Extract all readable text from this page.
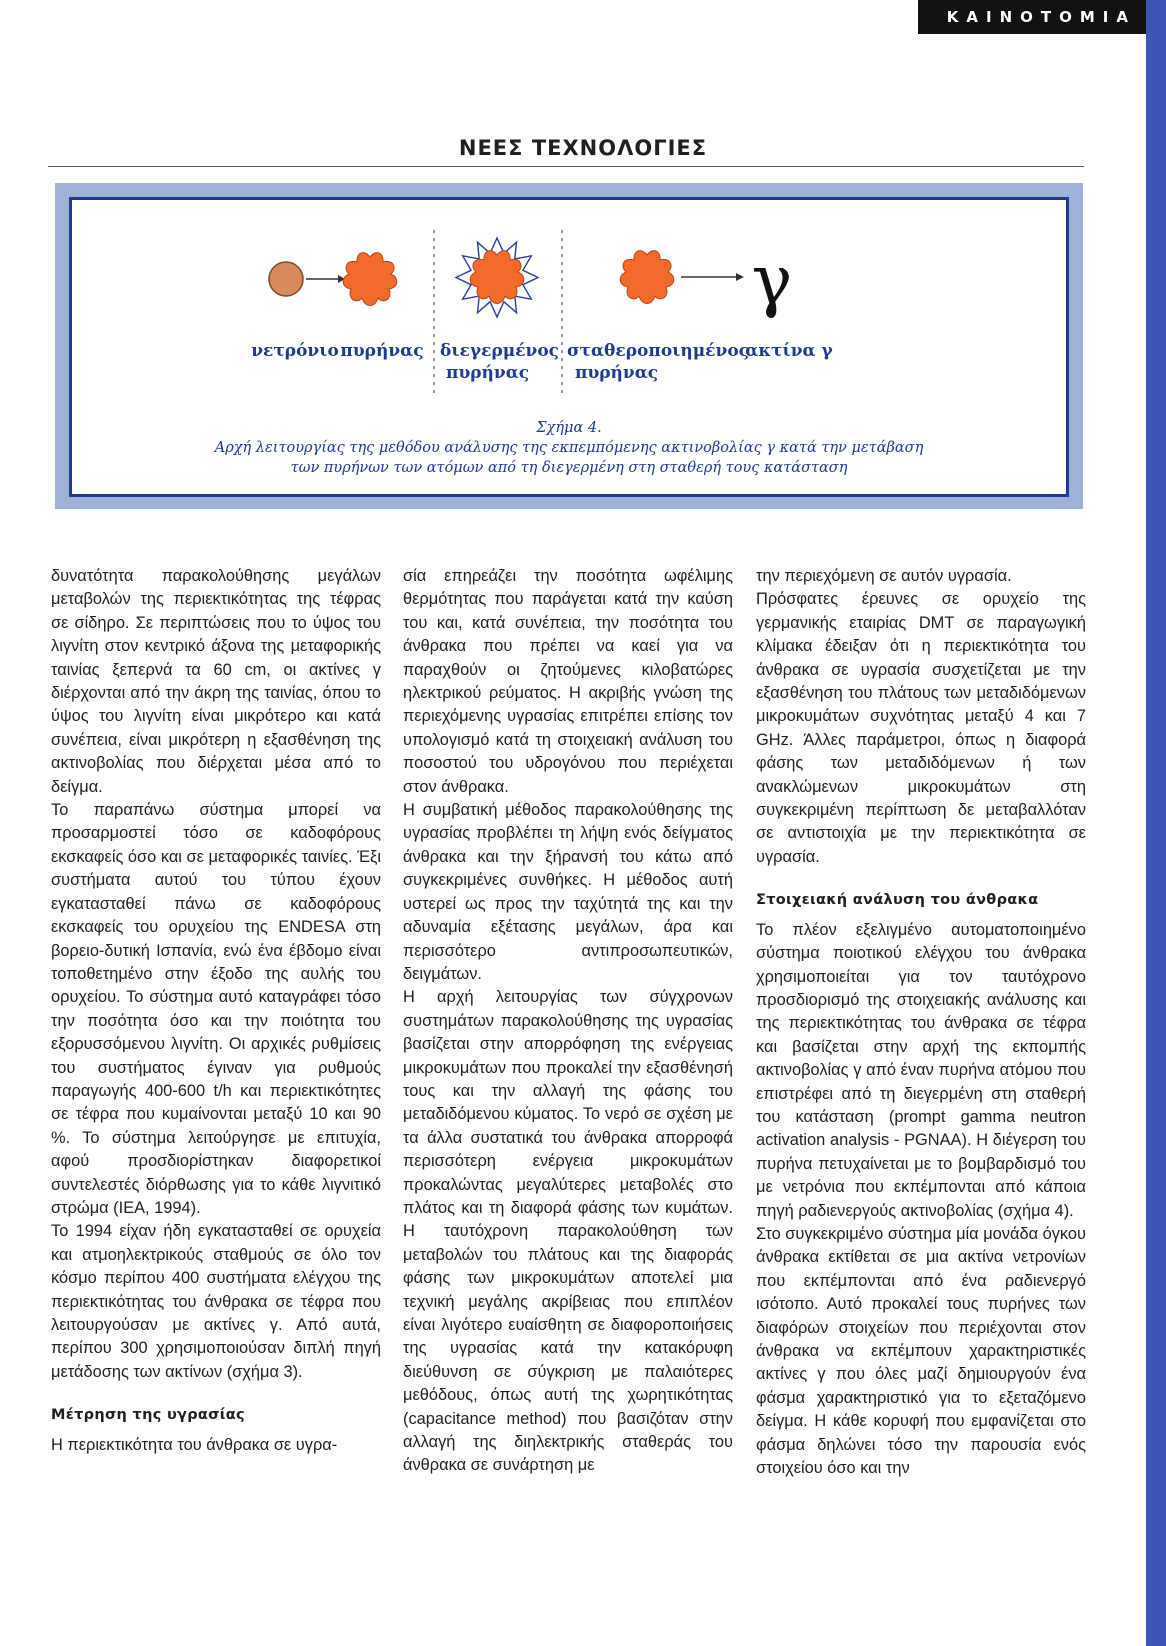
ΚΑΙΝΟΤΟΜΙΑ 11
ΝΕΕΣ ΤΕΧΝΟΛΟΓΙΕΣ
γ
νετρόνιο πυρήνας διεγερμένος
πυρήνας
σταθεροποιημένος
πυρήνας
ακτίνα γ
Σχήμα 4.
Αρχή λειτουργίας της μεθόδου ανάλυσης της εκπεμπόμενης ακτινοβολίας γ κατά την μετάβαση
των πυρήνων των ατόμων από τη διεγερμένη στη σταθερή τους κατάσταση

δυνατότητα παρακολούθησης μεγάλων μεταβολών της περιεκτικότητας της τέφρας σε σίδηρο. Σε περιπτώσεις που το ύψος του λιγνίτη στον κεντρικό άξονα της μεταφορικής ταινίας ξεπερνά τα 60 cm, οι ακτίνες γ διέρχονται από την άκρη της ταινίας, όπου το ύψος του λιγνίτη είναι μικρότερο και κατά συνέπεια, είναι μικρότερη η εξασθένηση της ακτινοβολίας που διέρχεται μέσα από το δείγμα.

Το παραπάνω σύστημα μπορεί να προσαρμοστεί τόσο σε καδοφόρους εκσκαφείς όσο και σε μεταφορικές ταινίες. Έξι συστήματα αυτού του τύπου έχουν εγκατασταθεί πάνω σε καδοφόρους εκσκαφείς του ορυχείου της ENDESA στη βορειο-δυτική Ισπανία, ενώ ένα έβδομο είναι τοποθετημένο στην έξοδο της αυλής του ορυχείου. Το σύστημα αυτό καταγράφει τόσο την ποσότητα όσο και την ποιότητα του εξορυσσόμενου λιγνίτη. Οι αρχικές ρυθμίσεις του συστήματος έγιναν για ρυθμούς παραγωγής 400-600 t/h και περιεκτικότητες σε τέφρα που κυμαίνονται μεταξύ 10 και 90 %. Το σύστημα λειτούργησε με επιτυχία, αφού προσδιορίστηκαν διαφορετικοί συντελεστές διόρθωσης για το κάθε λιγνιτικό στρώμα (IEA, 1994).

Το 1994 είχαν ήδη εγκατασταθεί σε ορυχεία και ατμοηλεκτρικούς σταθμούς σε όλο τον κόσμο περίπου 400 συστήματα ελέγχου της περιεκτικότητας του άνθρακα σε τέφρα που λειτουργούσαν με ακτίνες γ. Από αυτά, περίπου 300 χρησιμοποιούσαν διπλή πηγή μετάδοσης των ακτίνων (σχήμα 3).

Μέτρηση της υγρασίας

Η περιεκτικότητα του άνθρακα σε υγρα-

σία επηρεάζει την ποσότητα ωφέλιμης θερμότητας που παράγεται κατά την καύση του και, κατά συνέπεια, την ποσότητα του άνθρακα που πρέπει να καεί για να παραχθούν οι ζητούμενες κιλοβατώρες ηλεκτρικού ρεύματος. Η ακριβής γνώση της περιεχόμενης υγρασίας επιτρέπει επίσης τον υπολογισμό κατά τη στοιχειακή ανάλυση του ποσοστού του υδρογόνου που περιέχεται στον άνθρακα.

Η συμβατική μέθοδος παρακολούθησης της υγρασίας προβλέπει τη λήψη ενός δείγματος άνθρακα και την ξήρανσή του κάτω από συγκεκριμένες συνθήκες. Η μέθοδος αυτή υστερεί ως προς την ταχύτητά της και την αδυναμία εξέτασης μεγάλων, άρα και περισσότερο αντιπροσωπευτικών, δειγμάτων.

Η αρχή λειτουργίας των σύγχρονων συστημάτων παρακολούθησης της υγρασίας βασίζεται στην απορρόφηση της ενέργειας μικροκυμάτων που προκαλεί την εξασθένησή τους και την αλλαγή της φάσης του μεταδιδόμενου κύματος. Το νερό σε σχέση με τα άλλα συστατικά του άνθρακα απορροφά περισσότερη ενέργεια μικροκυμάτων προκαλώντας μεγαλύτερες μεταβολές στο πλάτος και τη διαφορά φάσης των κυμάτων. Η ταυτόχρονη παρακολούθηση των μεταβολών του πλάτους και της διαφοράς φάσης των μικροκυμάτων αποτελεί μια τεχνική μεγάλης ακρίβειας που επιπλέον είναι λιγότερο ευαίσθητη σε διαφοροποιήσεις της υγρασίας κατά την κατακόρυφη διεύθυνση σε σύγκριση με παλαιότερες μεθόδους, όπως αυτή της χωρητικότητας (capacitance method) που βασιζόταν στην αλλαγή της διηλεκτρικής σταθεράς του άνθρακα σε συνάρτηση με

την περιεχόμενη σε αυτόν υγρασία.

Πρόσφατες έρευνες σε ορυχείο της γερμανικής εταιρίας DMT σε παραγωγική κλίμακα έδειξαν ότι η περιεκτικότητα του άνθρακα σε υγρασία συσχετίζεται με την εξασθένηση του πλάτους των μεταδιδόμενων μικροκυμάτων συχνότητας μεταξύ 4 και 7 GHz. Άλλες παράμετροι, όπως η διαφορά φάσης των μεταδιδόμενων ή των ανακλώμενων μικροκυμάτων στη συγκεκριμένη περίπτωση δε μεταβαλλόταν σε αντιστοιχία με την περιεκτικότητα σε υγρασία.

Στοιχειακή ανάλυση του άνθρακα

Το πλέον εξελιγμένο αυτοματοποιημένο σύστημα ποιοτικού ελέγχου του άνθρακα χρησιμοποιείται για τον ταυτόχρονο προσδιορισμό της στοιχειακής ανάλυσης και της περιεκτικότητας του άνθρακα σε τέφρα και βασίζεται στην αρχή της εκπομπής ακτινοβολίας γ από έναν πυρήνα ατόμου που επιστρέφει από τη διεγερμένη στη σταθερή του κατάσταση (prompt gamma neutron activation analysis - PGNAA). Η διέγερση του πυρήνα πετυχαίνεται με το βομβαρδισμό του με νετρόνια που εκπέμπονται από κάποια πηγή ραδιενεργούς ακτινοβολίας (σχήμα 4).

Στο συγκεκριμένο σύστημα μία μονάδα όγκου άνθρακα εκτίθεται σε μια ακτίνα νετρονίων που εκπέμπονται από ένα ραδιενεργό ισότοπο. Αυτό προκαλεί τους πυρήνες των διαφόρων στοιχείων που περιέχονται στον άνθρακα να εκπέμπουν χαρακτηριστικές ακτίνες γ που όλες μαζί δημιουργούν ένα φάσμα χαρακτηριστικό για το εξεταζόμενο δείγμα. Η κάθε κορυφή που εμφανίζεται στο φάσμα δηλώνει τόσο την παρουσία ενός στοιχείου όσο και την
